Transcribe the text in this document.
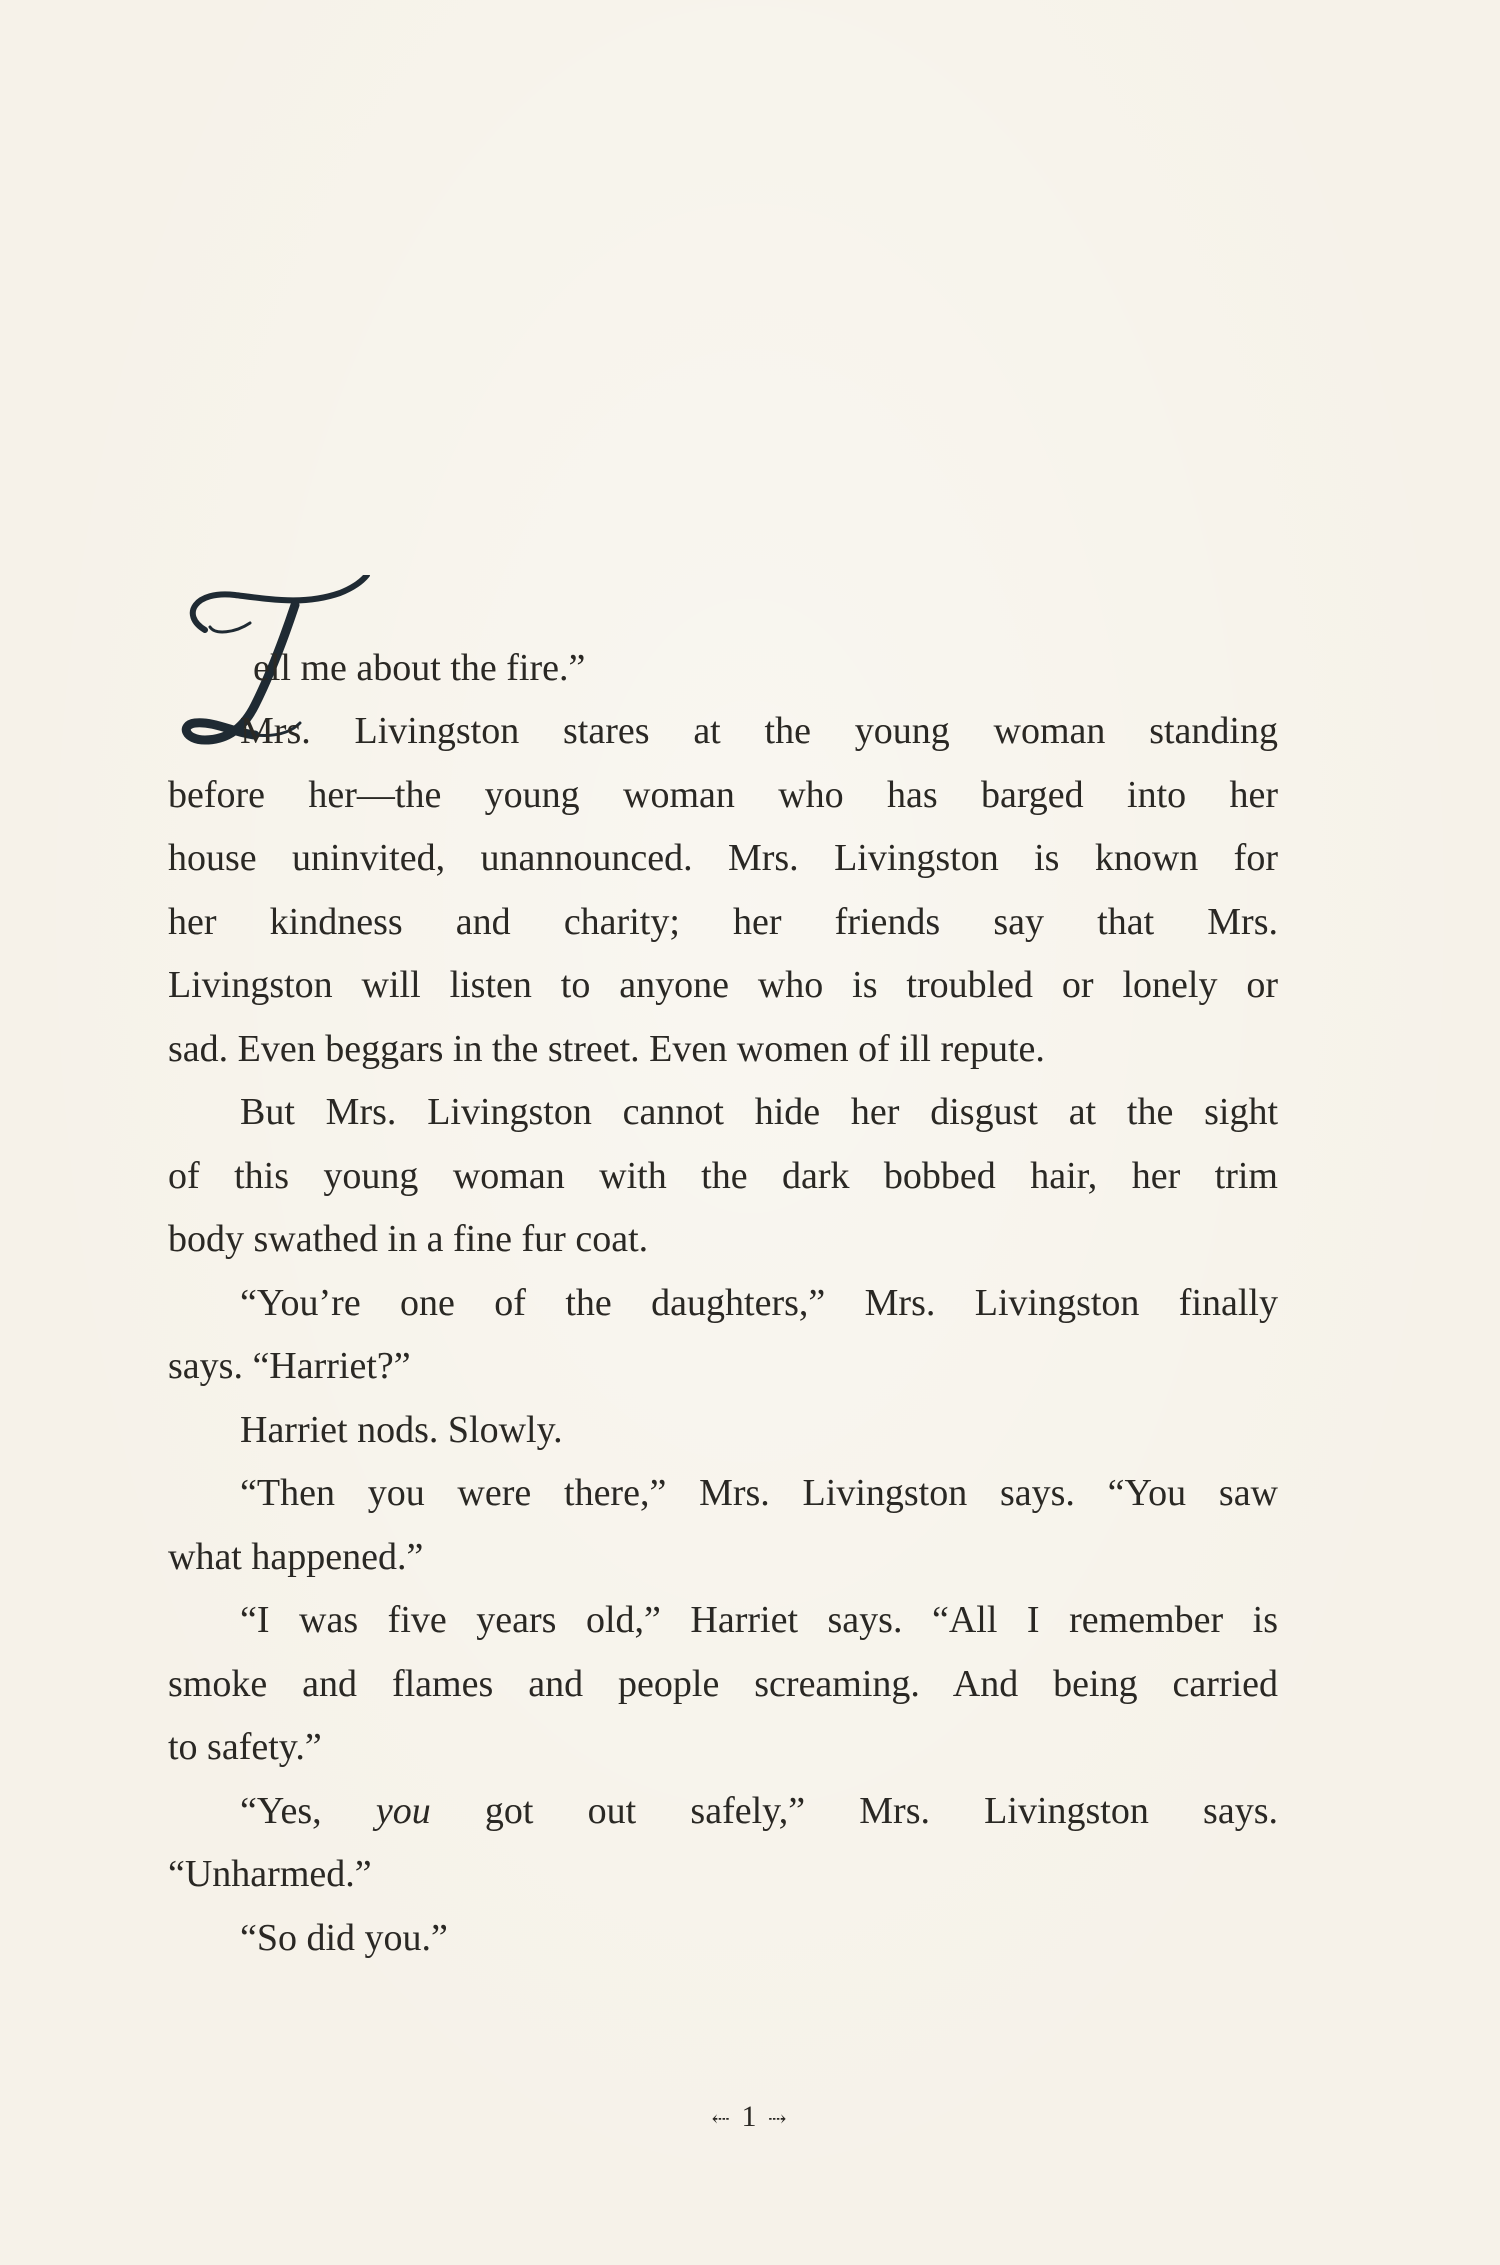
ell me about the fire.”
Mrs. Livingston stares at the young woman standing
before her—the young woman who has barged into her
house uninvited, unannounced. Mrs. Livingston is known for
her kindness and charity; her friends say that Mrs.
Livingston will listen to anyone who is troubled or lonely or
sad. Even beggars in the street. Even women of ill repute.
But Mrs. Livingston cannot hide her disgust at the sight
of this young woman with the dark bobbed hair, her trim
body swathed in a fine fur coat.
“You’re one of the daughters,” Mrs. Livingston finally
says. “Harriet?”
Harriet nods. Slowly.
“Then you were there,” Mrs. Livingston says. “You saw
what happened.”
“I was five years old,” Harriet says. “All I remember is
smoke and flames and people screaming. And being carried
to safety.”
“Yes, you got out safely,” Mrs. Livingston says.
“Unharmed.”
“So did you.”
⇠ 1 ⇢
